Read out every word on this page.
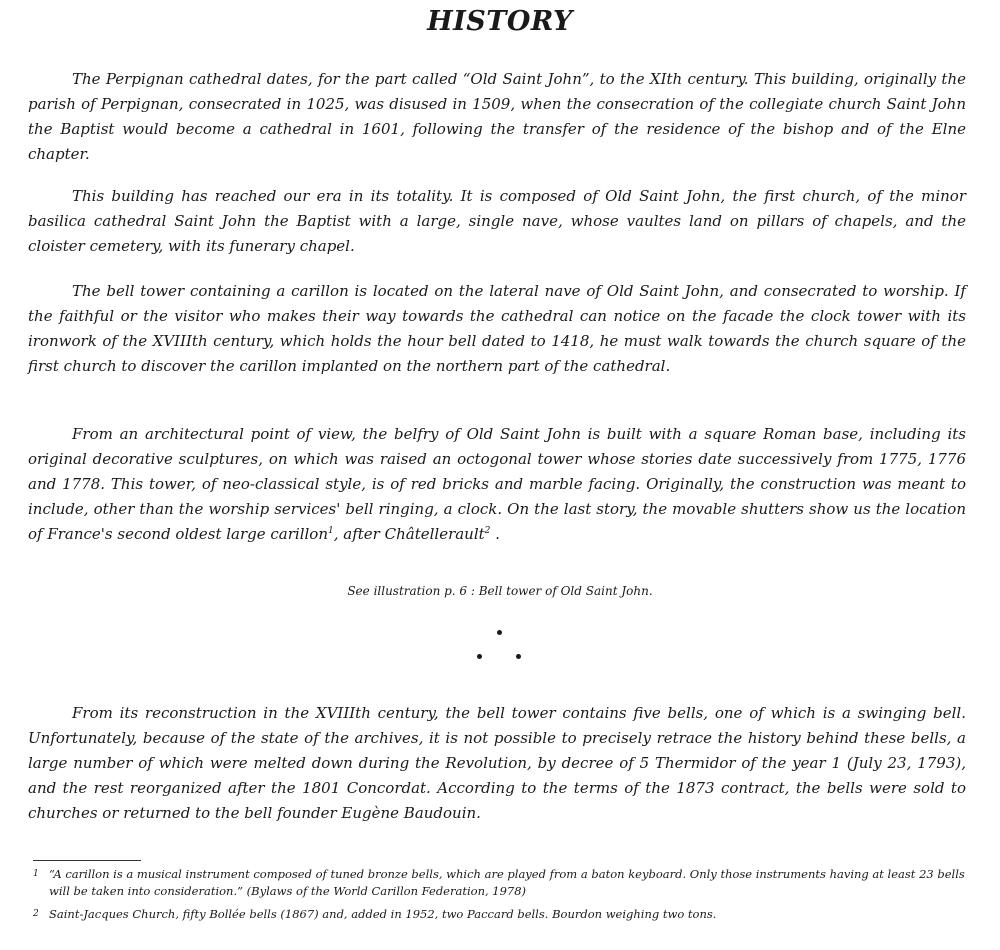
HISTORY

The Perpignan cathedral dates, for the part called “Old Saint John”, to the XIth century. This building, originally the parish of Perpignan, consecrated in 1025, was disused in 1509, when the consecration of the collegiate church Saint John the Baptist would become a cathedral in 1601, following the transfer of the residence of the bishop and of the Elne chapter.

This building has reached our era in its totality. It is composed of Old Saint John, the first church, of the minor basilica cathedral Saint John the Baptist with a large, single nave, whose vaultes land on pillars of chapels, and the cloister cemetery, with its funerary chapel.

The bell tower containing a carillon is located on the lateral nave of Old Saint John, and consecrated to worship. If the faithful or the visitor who makes their way towards the cathedral can notice on the facade the clock tower with its ironwork of the XVIIIth century, which holds the hour bell dated to 1418, he must walk towards the church square of the first church to discover the carillon implanted on the northern part of the cathedral.

From an architectural point of view, the belfry of Old Saint John is built with a square Roman base, including its original decorative sculptures, on which was raised an octogonal tower whose stories date successively from 1775, 1776 and 1778. This tower, of neo-classical style, is of red bricks and marble facing. Originally, the construction was meant to include, other than the worship services' bell ringing, a clock. On the last story, the movable shutters show us the location of France's second oldest large carillon$^1$, after Châtellerault$^2$ .

See illustration p. 6 : Bell tower of Old Saint John.

From its reconstruction in the XVIIIth century, the bell tower contains five bells, one of which is a swinging bell. Unfortunately, because of the state of the archives, it is not possible to precisely retrace the history behind these bells, a large number of which were melted down during the Revolution, by decree of 5 Thermidor of the year 1 (July 23, 1793), and the rest reorganized after the 1801 Concordat. According to the terms of the 1873 contract, the bells were sold to churches or returned to the bell founder Eugène Baudouin.

1 “A carillon is a musical instrument composed of tuned bronze bells, which are played from a baton keyboard. Only those instruments having at least 23 bells will be taken into consideration.” (Bylaws of the World Carillon Federation, 1978)

2 Saint-Jacques Church, fifty Bollée bells (1867) and, added in 1952, two Paccard bells. Bourdon weighing two tons.
